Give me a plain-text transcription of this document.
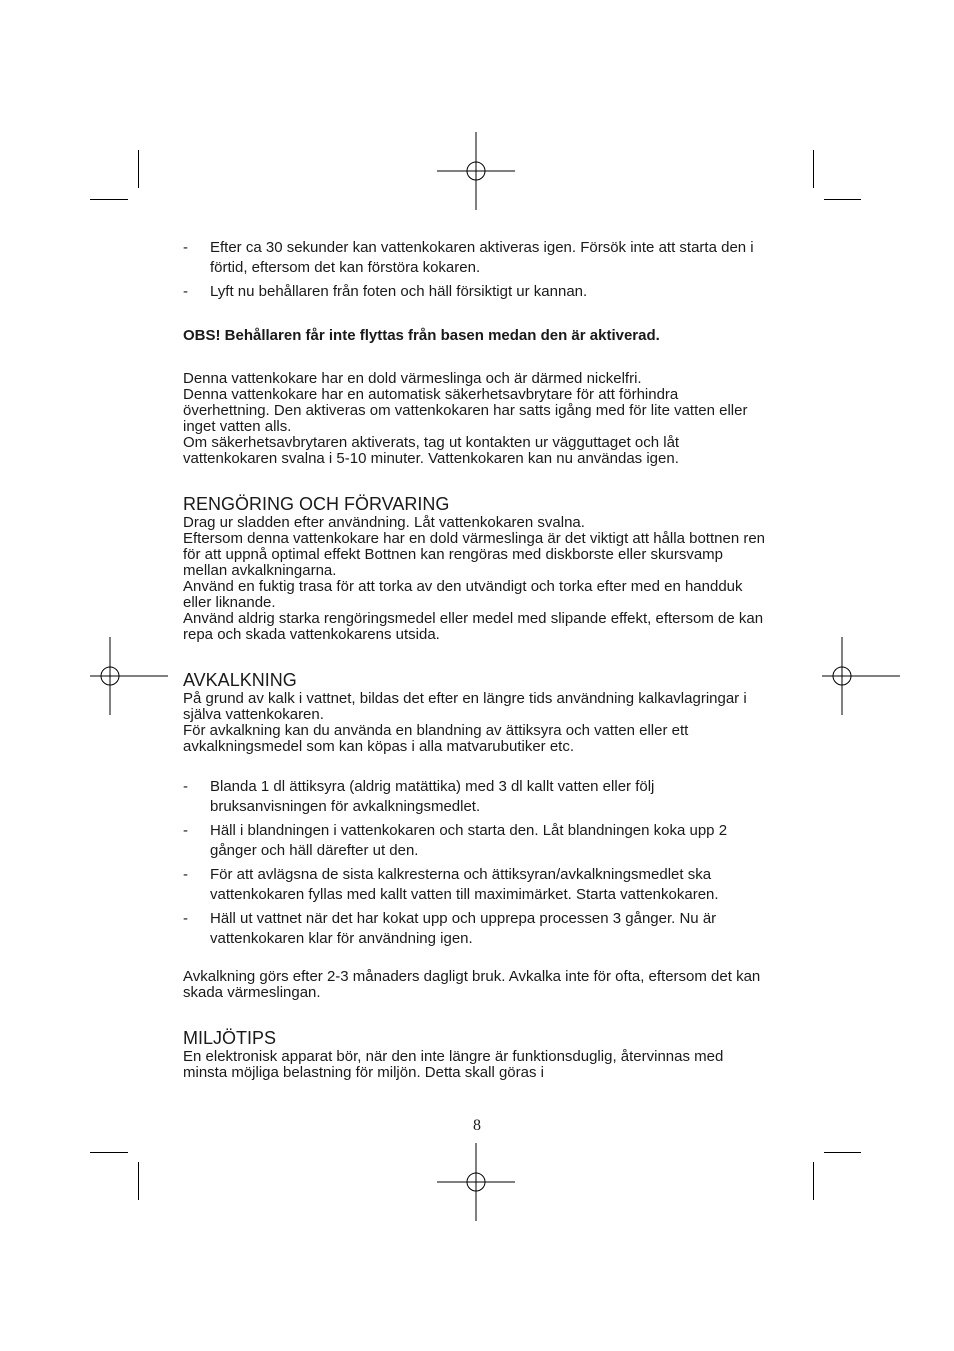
- Efter ca 30 sekunder kan vattenkokaren aktiveras igen. Försök inte att starta den i förtid, eftersom det kan förstöra kokaren.
- Lyft nu behållaren från foten och häll försiktigt ur kannan.

OBS! Behållaren får inte flyttas från basen medan den är aktiverad.

Denna vattenkokare har en dold värmeslinga och är därmed nickelfri.

Denna vattenkokare har en automatisk säkerhetsavbrytare för att förhindra överhettning. Den aktiveras om vattenkokaren har satts igång med för lite vatten eller inget vatten alls.

Om säkerhetsavbrytaren aktiverats, tag ut kontakten ur vägguttaget och låt vattenkokaren svalna i 5-10 minuter. Vattenkokaren kan nu användas igen.

RENGÖRING OCH FÖRVARING

Drag ur sladden efter användning. Låt vattenkokaren svalna.

Eftersom denna vattenkokare har en dold värmeslinga är det viktigt att hålla bottnen ren för att uppnå optimal effekt Bottnen kan rengöras med diskborste eller skursvamp mellan avkalkningarna.

Använd en fuktig trasa för att torka av den utvändigt och torka efter med en handduk eller liknande.

Använd aldrig starka rengöringsmedel eller medel med slipande effekt, eftersom de kan repa och skada vattenkokarens utsida.

AVKALKNING

På grund av kalk i vattnet, bildas det efter en längre tids användning kalkavlagringar i själva vattenkokaren.

För avkalkning kan du använda en blandning av ättiksyra och vatten eller ett avkalkningsmedel som kan köpas i alla matvarubutiker etc.

- Blanda 1 dl ättiksyra (aldrig matättika) med 3 dl kallt vatten eller följ bruksanvisningen för avkalkningsmedlet.
- Häll i blandningen i vattenkokaren och starta den. Låt blandningen koka upp 2 gånger och häll därefter ut den.
- För att avlägsna de sista kalkresterna och ättiksyran/avkalkningsmedlet ska vattenkokaren fyllas med kallt vatten till maximimärket. Starta vattenkokaren.
- Häll ut vattnet när det har kokat upp och upprepa processen 3 gånger. Nu är vattenkokaren klar för användning igen.

Avkalkning görs efter 2-3 månaders dagligt bruk. Avkalka inte för ofta, eftersom det kan skada värmeslingan.

MILJÖTIPS

En elektronisk apparat bör, när den inte längre är funktionsduglig, återvinnas med minsta möjliga belastning för miljön. Detta skall göras i

8
